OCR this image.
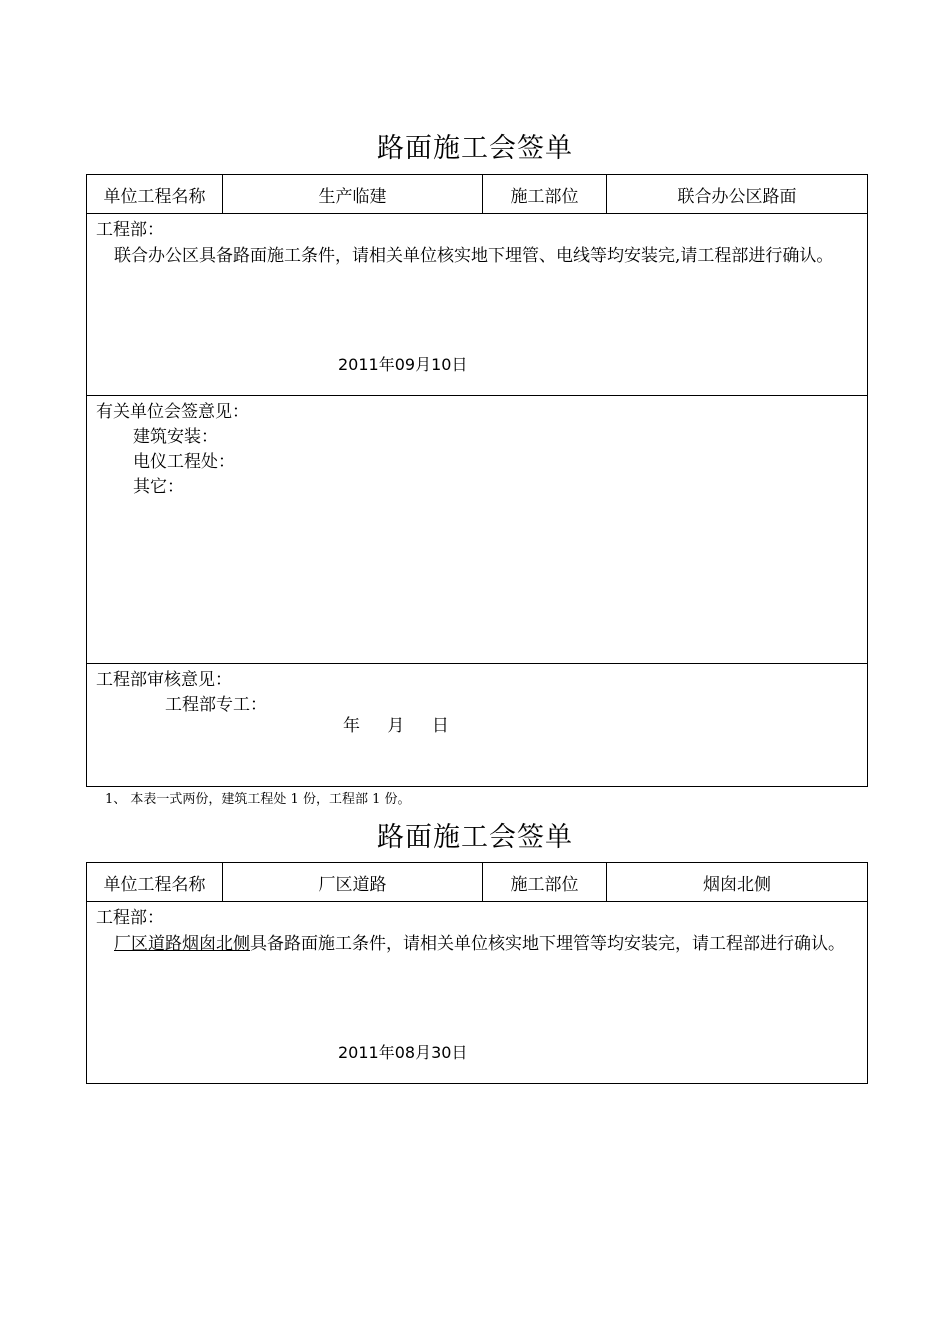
路面施工会签单
单位工程名称	生产临建	施工部位	联合办公区路面

工程部：
联合办公区具备路面施工条件，请相关单位核实地下埋管、电线等均安装完,请工程部进行确认。
2011年09月10日

有关单位会签意见：
建筑安装：
电仪工程处：
其它：

工程部审核意见：
工程部专工：
年 月 日
1、 本表一式两份，建筑工程处 1 份，工程部 1 份。
路面施工会签单
单位工程名称	厂区道路	施工部位	烟囱北侧

工程部：
厂区道路烟囱北侧具备路面施工条件，请相关单位核实地下埋管等均安装完，请工程部进行确认。
2011年08月30日
